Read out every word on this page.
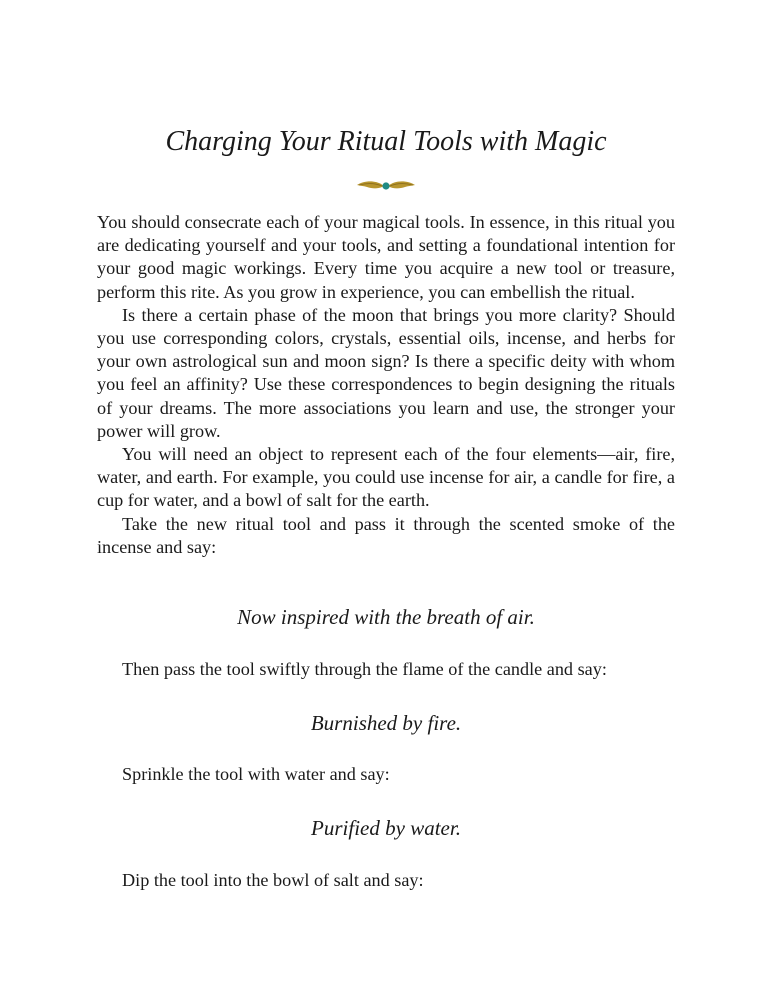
Charging Your Ritual Tools with Magic

You should consecrate each of your magical tools. In essence, in this ritual you are dedicating yourself and your tools, and setting a foundational intention for your good magic workings. Every time you acquire a new tool or treasure, perform this rite. As you grow in experience, you can embellish the ritual.

Is there a certain phase of the moon that brings you more clarity? Should you use corresponding colors, crystals, essential oils, incense, and herbs for your own astrological sun and moon sign? Is there a specific deity with whom you feel an affinity? Use these correspondences to begin designing the rituals of your dreams. The more associations you learn and use, the stronger your power will grow.

You will need an object to represent each of the four elements—air, fire, water, and earth. For example, you could use incense for air, a candle for fire, a cup for water, and a bowl of salt for the earth.

Take the new ritual tool and pass it through the scented smoke of the incense and say:

Now inspired with the breath of air.

Then pass the tool swiftly through the flame of the candle and say:

Burnished by fire.

Sprinkle the tool with water and say:

Purified by water.

Dip the tool into the bowl of salt and say:
